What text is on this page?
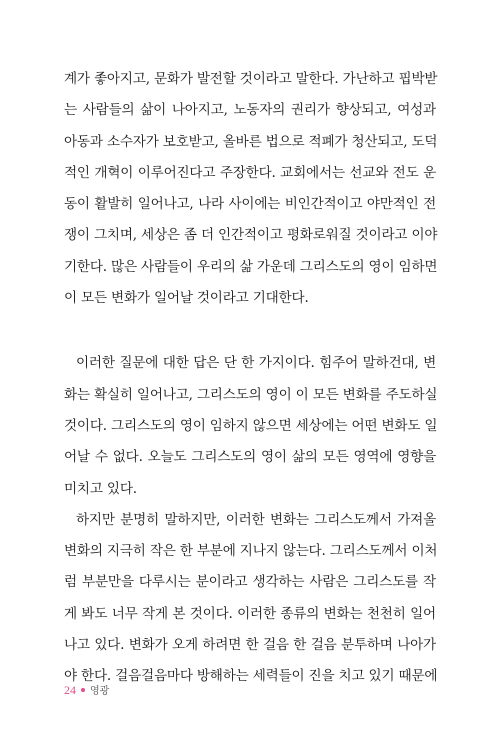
계가 좋아지고, 문화가 발전할 것이라고 말한다. 가난하고 핍박받
는 사람들의 삶이 나아지고, 노동자의 권리가 향상되고, 여성과
아동과 소수자가 보호받고, 올바른 법으로 적폐가 청산되고, 도덕
적인 개혁이 이루어진다고 주장한다. 교회에서는 선교와 전도 운
동이 활발히 일어나고, 나라 사이에는 비인간적이고 야만적인 전
쟁이 그치며, 세상은 좀 더 인간적이고 평화로워질 것이라고 이야
기한다. 많은 사람들이 우리의 삶 가운데 그리스도의 영이 임하면
이 모든 변화가 일어날 것이라고 기대한다.
이러한 질문에 대한 답은 단 한 가지이다. 힘주어 말하건대, 변
화는 확실히 일어나고, 그리스도의 영이 이 모든 변화를 주도하실
것이다. 그리스도의 영이 임하지 않으면 세상에는 어떤 변화도 일
어날 수 없다. 오늘도 그리스도의 영이 삶의 모든 영역에 영향을
미치고 있다.
하지만 분명히 말하지만, 이러한 변화는 그리스도께서 가져올
변화의 지극히 작은 한 부분에 지나지 않는다. 그리스도께서 이처
럼 부분만을 다루시는 분이라고 생각하는 사람은 그리스도를 작
게 봐도 너무 작게 본 것이다. 이러한 종류의 변화는 천천히 일어
나고 있다. 변화가 오게 하려면 한 걸음 한 걸음 분투하며 나아가
야 한다. 걸음걸음마다 방해하는 세력들이 진을 치고 있기 때문에
24 영광
